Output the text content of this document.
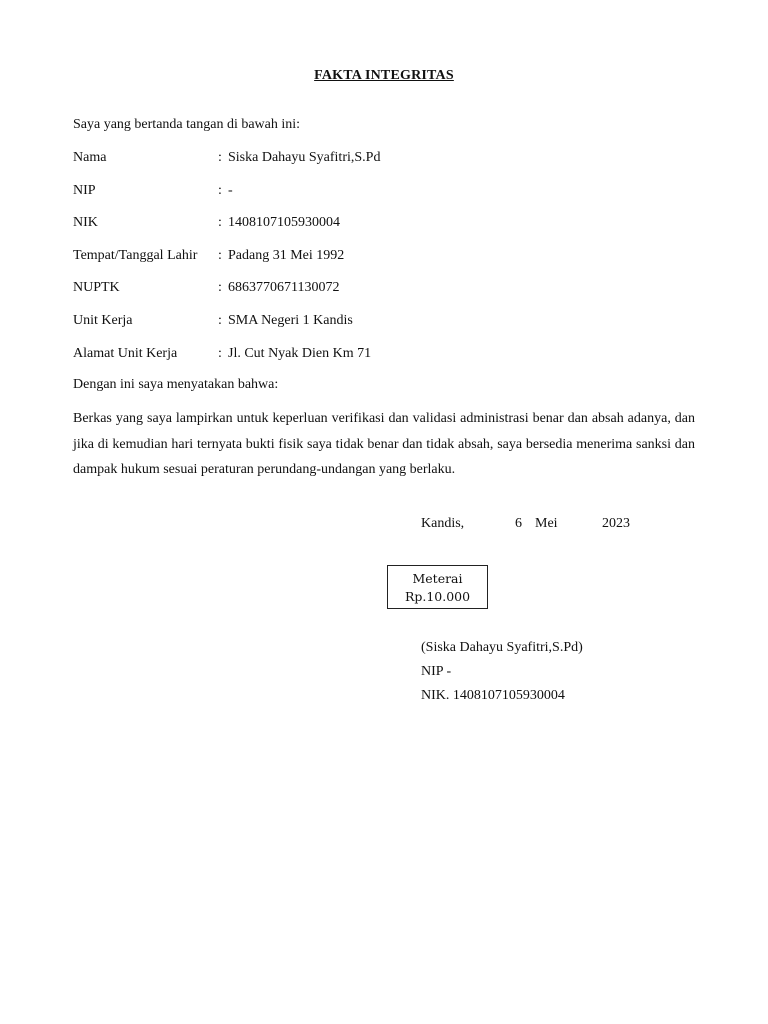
FAKTA INTEGRITAS
Saya yang bertanda tangan di bawah ini:
Nama	: Siska Dahayu Syafitri,S.Pd
NIP	: -
NIK	: 1408107105930004
Tempat/Tanggal Lahir : Padang 31 Mei 1992
NUPTK	: 6863770671130072
Unit Kerja	: SMA Negeri 1 Kandis
Alamat Unit Kerja	: Jl. Cut Nyak Dien Km 71
Dengan ini saya menyatakan bahwa:
Berkas yang saya lampirkan untuk keperluan verifikasi dan validasi administrasi benar dan absah adanya, dan jika di kemudian hari ternyata bukti fisik saya tidak benar dan tidak absah, saya bersedia menerima sanksi dan dampak hukum sesuai peraturan perundang-undangan yang berlaku.
Kandis,	6 Mei	2023
Meterai
Rp.10.000
(Siska Dahayu Syafitri,S.Pd)
NIP -
NIK. 1408107105930004
